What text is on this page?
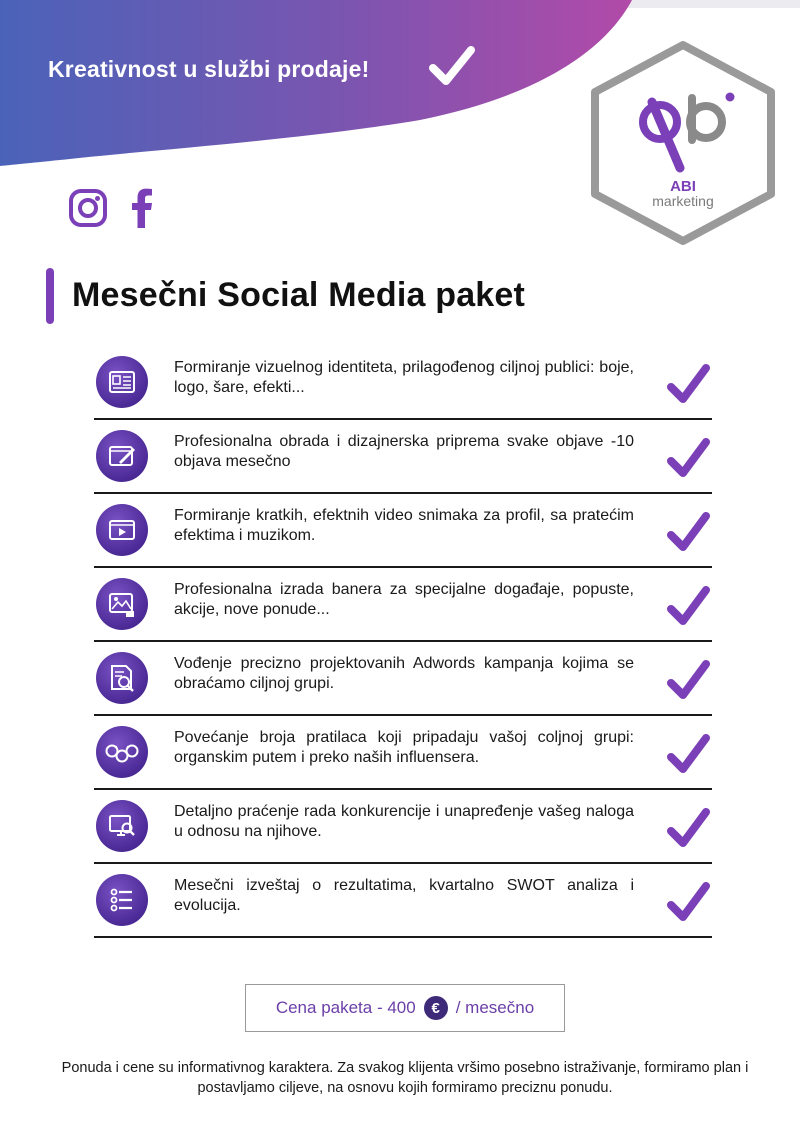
Kreativnost u službi prodaje!
ABI
marketing
Mesečni Social Media paket
Formiranje vizuelnog identiteta, prilagođenog ciljnoj publici: boje, logo, šare, efekti...
Profesionalna obrada i dizajnerska priprema svake objave -10 objava mesečno
Formiranje kratkih, efektnih video snimaka za profil, sa pratećim efektima i muzikom.
Profesionalna izrada banera za specijalne događaje, popuste, akcije, nove ponude...
Vođenje precizno projektovanih Adwords kampanja kojima se obraćamo ciljnoj grupi.
Povećanje broja pratilaca koji pripadaju vašoj coljnoj grupi: organskim putem i preko naših influensera.
Detaljno praćenje rada konkurencije i unapređenje vašeg naloga u odnosu na njihove.
Mesečni izveštaj o rezultatima, kvartalno SWOT analiza i evolucija.
Cena paketa - 400	€ / mesečno
Ponuda i cene su informativnog karaktera. Za svakog klijenta vršimo posebno istraživanje, formiramo plan i postavljamo ciljeve, na osnovu kojih formiramo preciznu ponudu.
